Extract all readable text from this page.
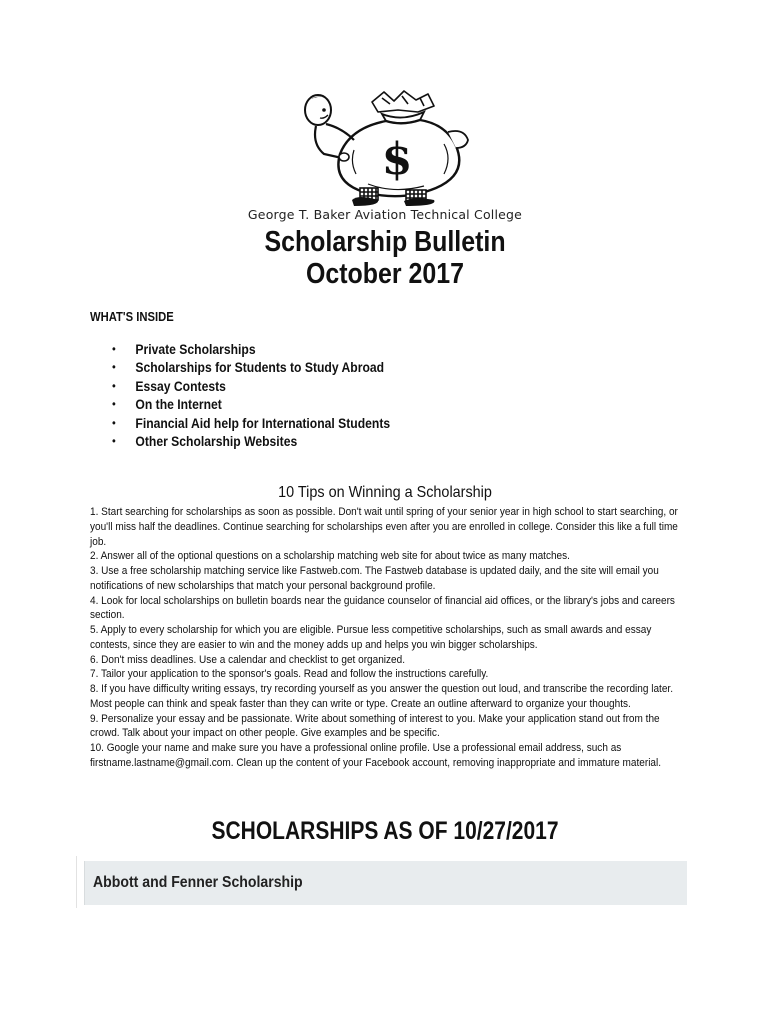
$
George T. Baker Aviation Technical College
Scholarship Bulletin
October 2017
WHAT'S INSIDE
• Private Scholarships
• Scholarships for Students to Study Abroad
• Essay Contests
• On the Internet
• Financial Aid help for International Students
• Other Scholarship Websites
10 Tips on Winning a Scholarship

1. Start searching for scholarships as soon as possible. Don't wait until spring of your senior year in high school to start searching, or you'll miss half the deadlines. Continue searching for scholarships even after you are enrolled in college. Consider this like a full time job.

2. Answer all of the optional questions on a scholarship matching web site for about twice as many matches.

3. Use a free scholarship matching service like Fastweb.com. The Fastweb database is updated daily, and the site will email you notifications of new scholarships that match your personal background profile.

4. Look for local scholarships on bulletin boards near the guidance counselor of financial aid offices, or the library's jobs and careers section.

5. Apply to every scholarship for which you are eligible. Pursue less competitive scholarships, such as small awards and essay contests, since they are easier to win and the money adds up and helps you win bigger scholarships.

6. Don't miss deadlines. Use a calendar and checklist to get organized.

7. Tailor your application to the sponsor's goals. Read and follow the instructions carefully.

8. If you have difficulty writing essays, try recording yourself as you answer the question out loud, and transcribe the recording later. Most people can think and speak faster than they can write or type. Create an outline afterward to organize your thoughts.

9. Personalize your essay and be passionate. Write about something of interest to you. Make your application stand out from the crowd. Talk about your impact on other people. Give examples and be specific.

10. Google your name and make sure you have a professional online profile. Use a professional email address, such as firstname.lastname@gmail.com. Clean up the content of your Facebook account, removing inappropriate and immature material.

SCHOLARSHIPS AS OF 10/27/2017
Abbott and Fenner Scholarship
